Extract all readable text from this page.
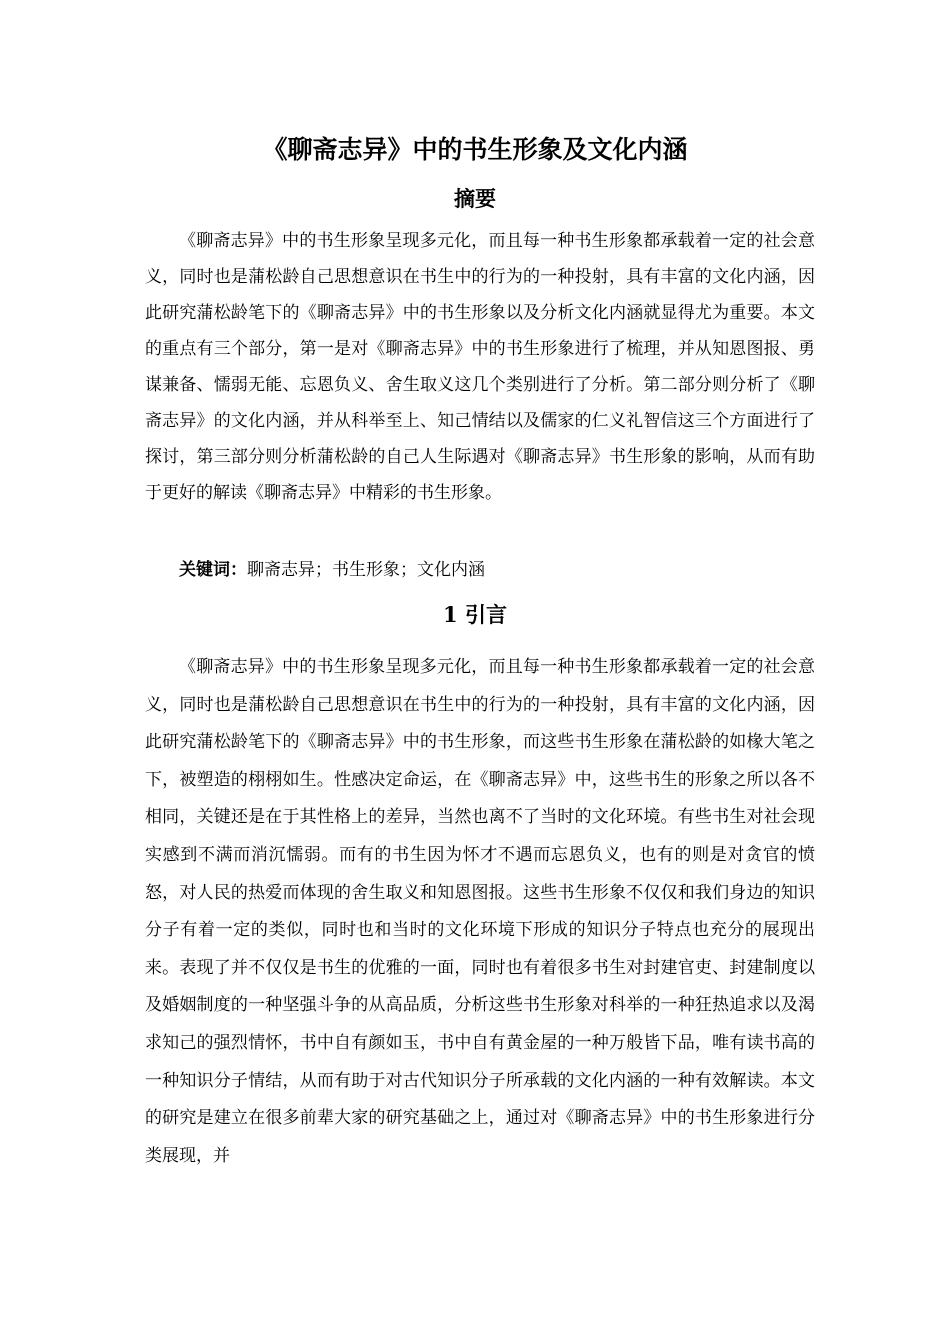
《聊斋志异》中的书生形象及文化内涵
摘要

《聊斋志异》中的书生形象呈现多元化，而且每一种书生形象都承载着一定的社会意义，同时也是蒲松龄自己思想意识在书生中的行为的一种投射，具有丰富的文化内涵，因此研究蒲松龄笔下的《聊斋志异》中的书生形象以及分析文化内涵就显得尤为重要。本文的重点有三个部分，第一是对《聊斋志异》中的书生形象进行了梳理，并从知恩图报、勇谋兼备、懦弱无能、忘恩负义、舍生取义这几个类别进行了分析。第二部分则分析了《聊斋志异》的文化内涵，并从科举至上、知己情结以及儒家的仁义礼智信这三个方面进行了探讨，第三部分则分析蒲松龄的自己人生际遇对《聊斋志异》书生形象的影响，从而有助于更好的解读《聊斋志异》中精彩的书生形象。

关键词：聊斋志异；书生形象；文化内涵
1 引言

《聊斋志异》中的书生形象呈现多元化，而且每一种书生形象都承载着一定的社会意义，同时也是蒲松龄自己思想意识在书生中的行为的一种投射，具有丰富的文化内涵，因此研究蒲松龄笔下的《聊斋志异》中的书生形象，而这些书生形象在蒲松龄的如椽大笔之下，被塑造的栩栩如生。性感决定命运，在《聊斋志异》中，这些书生的形象之所以各不相同，关键还是在于其性格上的差异，当然也离不了当时的文化环境。有些书生对社会现实感到不满而消沉懦弱。而有的书生因为怀才不遇而忘恩负义，也有的则是对贪官的愤怒，对人民的热爱而体现的舍生取义和知恩图报。这些书生形象不仅仅和我们身边的知识分子有着一定的类似，同时也和当时的文化环境下形成的知识分子特点也充分的展现出来。表现了并不仅仅是书生的优雅的一面，同时也有着很多书生对封建官吏、封建制度以及婚姻制度的一种坚强斗争的从高品质，分析这些书生形象对科举的一种狂热追求以及渴求知己的强烈情怀，书中自有颜如玉，书中自有黄金屋的一种万般皆下品，唯有读书高的一种知识分子情结，从而有助于对古代知识分子所承载的文化内涵的一种有效解读。本文的研究是建立在很多前辈大家的研究基础之上，通过对《聊斋志异》中的书生形象进行分类展现，并
